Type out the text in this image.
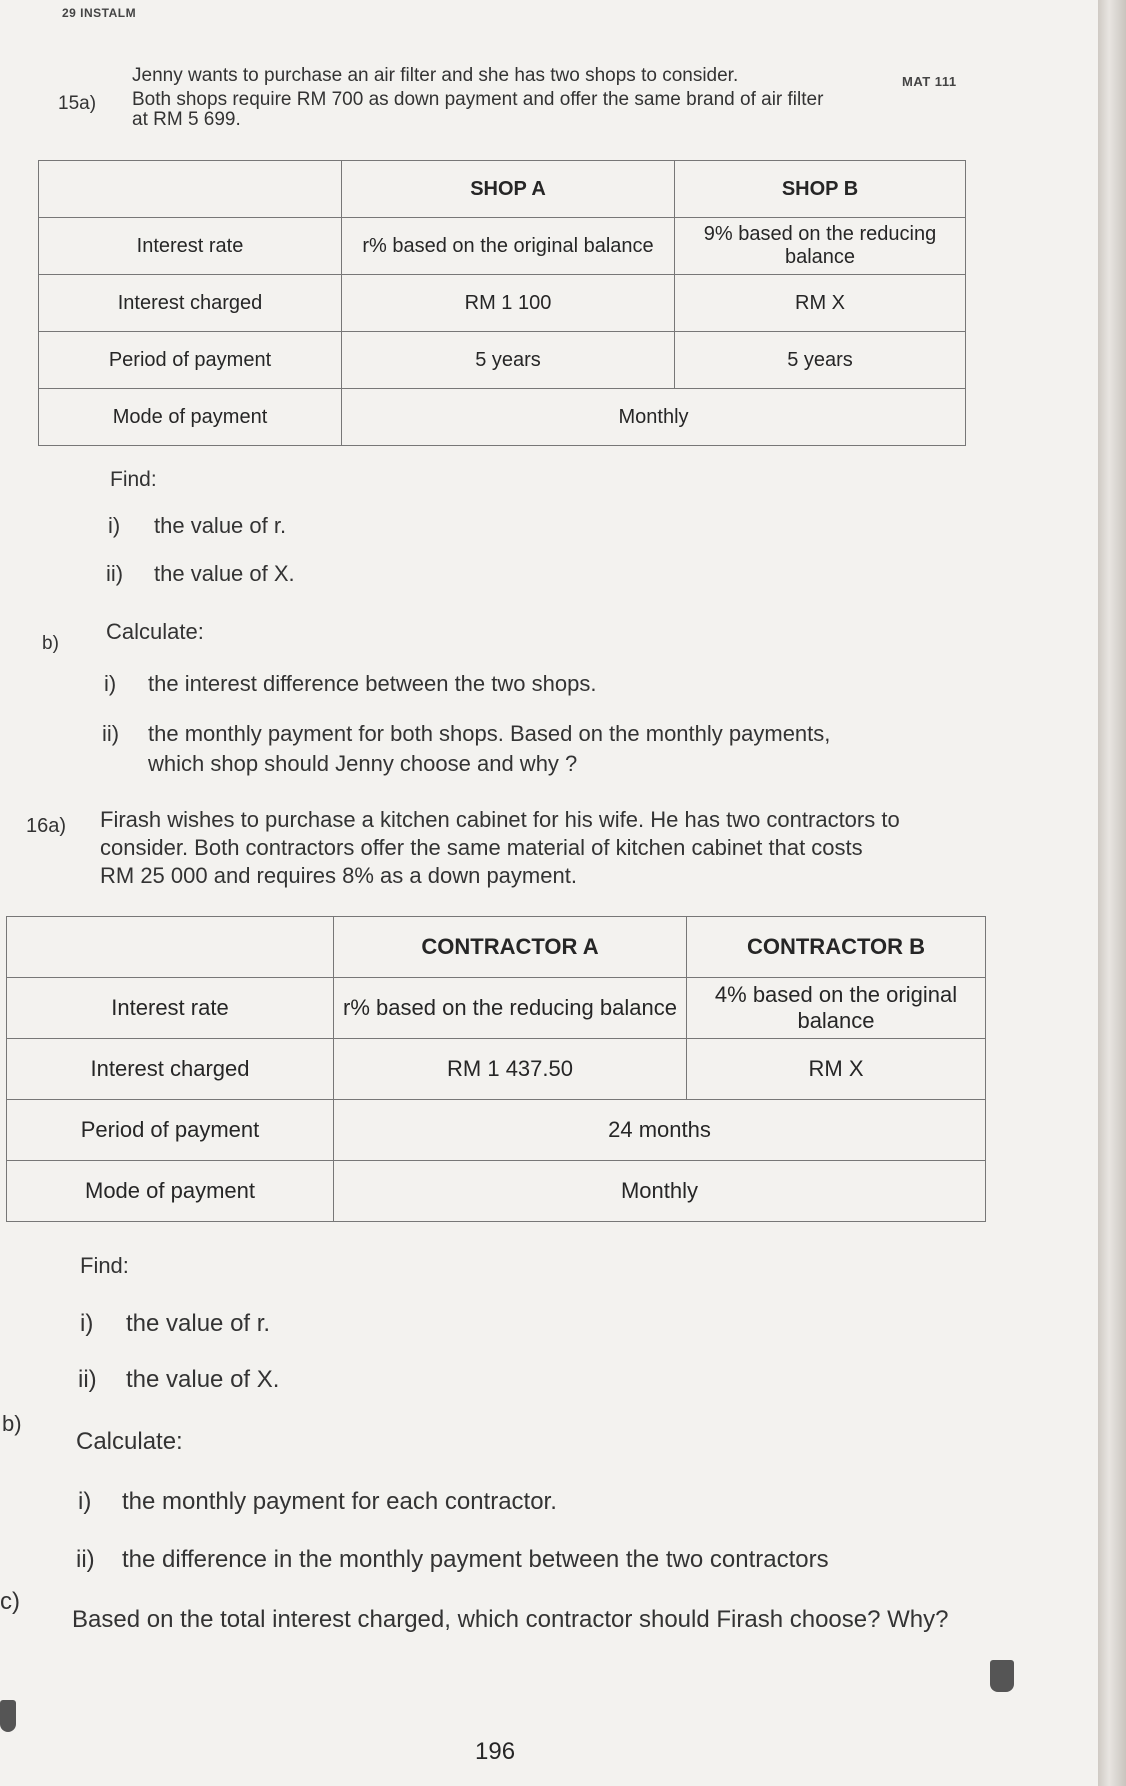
29 INSTALM

MAT 111

15a)

Jenny wants to purchase an air filter and she has two shops to consider.

Both shops require RM 700 as down payment and offer the same brand of air filter

at RM 5 699.

	SHOP A	SHOP B
Interest rate	r% based on the original balance	9% based on the reducing balance
Interest charged	RM 1 100	RM X
Period of payment	5 years	5 years
Mode of payment	Monthly	

Find:

i) the value of r.

ii) the value of X.

b) Calculate:

i) the interest difference between the two shops.

ii) the monthly payment for both shops. Based on the monthly payments,

which shop should Jenny choose and why ?

16a) Firash wishes to purchase a kitchen cabinet for his wife. He has two contractors to

consider. Both contractors offer the same material of kitchen cabinet that costs

RM 25 000 and requires 8% as a down payment.

	CONTRACTOR A	CONTRACTOR B
Interest rate	r% based on the reducing balance	4% based on the original balance
Interest charged	RM 1 437.50	RM X
Period of payment	24 months	
Mode of payment	Monthly	

Find:

i) the value of r.

ii) the value of X.

b)

Calculate:

i) the monthly payment for each contractor.

ii) the difference in the monthly payment between the two contractors

c)

Based on the total interest charged, which contractor should Firash choose? Why?

196
